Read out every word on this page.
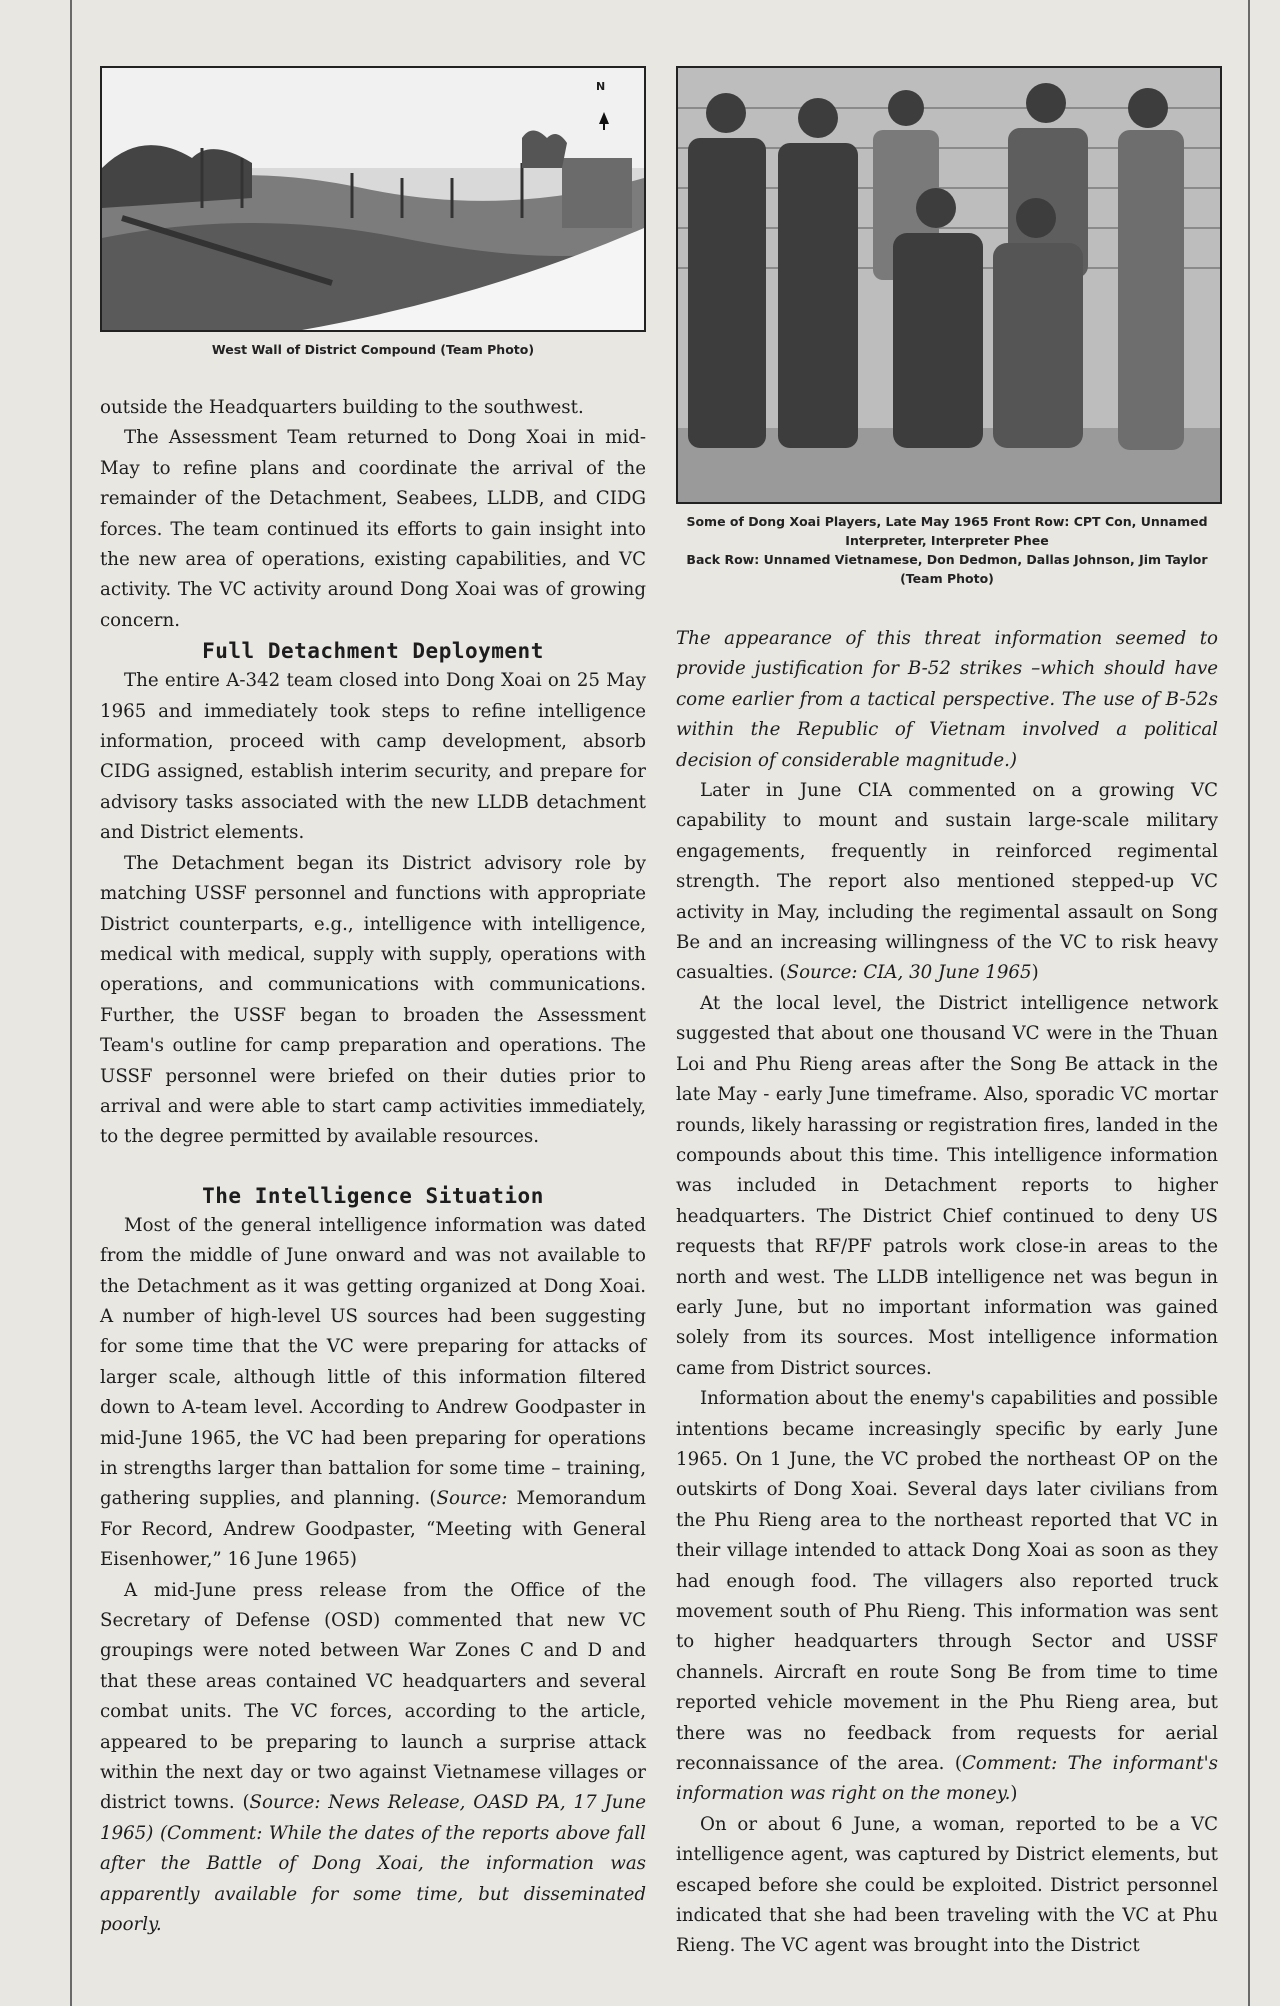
N
West Wall of District Compound (Team Photo)

outside the Headquarters building to the southwest.

The Assessment Team returned to Dong Xoai in mid-May to refine plans and coordinate the arrival of the remainder of the Detachment, Seabees, LLDB, and CIDG forces. The team continued its efforts to gain insight into the new area of operations, existing capabilities, and VC activity. The VC activity around Dong Xoai was of growing concern.

Full Detachment Deployment

The entire A-342 team closed into Dong Xoai on 25 May 1965 and immediately took steps to refine intelligence information, proceed with camp development, absorb CIDG assigned, establish interim security, and prepare for advisory tasks associated with the new LLDB detachment and District elements.

The Detachment began its District advisory role by matching USSF personnel and functions with appropriate District counterparts, e.g., intelligence with intelligence, medical with medical, supply with supply, operations with operations, and communications with communications. Further, the USSF began to broaden the Assessment Team's outline for camp preparation and operations. The USSF personnel were briefed on their duties prior to arrival and were able to start camp activities immediately, to the degree permitted by available resources.

The Intelligence Situation

Most of the general intelligence information was dated from the middle of June onward and was not available to the Detachment as it was getting organized at Dong Xoai. A number of high-level US sources had been suggesting for some time that the VC were preparing for attacks of larger scale, although little of this information filtered down to A-team level. According to Andrew Goodpaster in mid-June 1965, the VC had been preparing for operations in strengths larger than battalion for some time – training, gathering supplies, and planning. (Source: Memorandum For Record, Andrew Goodpaster, “Meeting with General Eisenhower,” 16 June 1965)

A mid-June press release from the Office of the Secretary of Defense (OSD) commented that new VC groupings were noted between War Zones C and D and that these areas contained VC headquarters and several combat units. The VC forces, according to the article, appeared to be preparing to launch a surprise attack within the next day or two against Vietnamese villages or district towns. (Source: News Release, OASD PA, 17 June 1965) (Comment: While the dates of the reports above fall after the Battle of Dong Xoai, the information was apparently available for some time, but disseminated poorly.

Some of Dong Xoai Players, Late May 1965 Front Row: CPT Con, Unnamed Interpreter, Interpreter Phee
Back Row: Unnamed Vietnamese, Don Dedmon, Dallas Johnson, Jim Taylor (Team Photo)

The appearance of this threat information seemed to provide justification for B-52 strikes –which should have come earlier from a tactical perspective. The use of B-52s within the Republic of Vietnam involved a political decision of considerable magnitude.)

Later in June CIA commented on a growing VC capability to mount and sustain large-scale military engagements, frequently in reinforced regimental strength. The report also mentioned stepped-up VC activity in May, including the regimental assault on Song Be and an increasing willingness of the VC to risk heavy casualties. (Source: CIA, 30 June 1965)

At the local level, the District intelligence network suggested that about one thousand VC were in the Thuan Loi and Phu Rieng areas after the Song Be attack in the late May - early June timeframe. Also, sporadic VC mortar rounds, likely harassing or registration fires, landed in the compounds about this time. This intelligence information was included in Detachment reports to higher headquarters. The District Chief continued to deny US requests that RF/PF patrols work close-in areas to the north and west. The LLDB intelligence net was begun in early June, but no important information was gained solely from its sources. Most intelligence information came from District sources.

Information about the enemy's capabilities and possible intentions became increasingly specific by early June 1965. On 1 June, the VC probed the northeast OP on the outskirts of Dong Xoai. Several days later civilians from the Phu Rieng area to the northeast reported that VC in their village intended to attack Dong Xoai as soon as they had enough food. The villagers also reported truck movement south of Phu Rieng. This information was sent to higher headquarters through Sector and USSF channels. Aircraft en route Song Be from time to time reported vehicle movement in the Phu Rieng area, but there was no feedback from requests for aerial reconnaissance of the area. (Comment: The informant's information was right on the money.)

On or about 6 June, a woman, reported to be a VC intelligence agent, was captured by District elements, but escaped before she could be exploited. District personnel indicated that she had been traveling with the VC at Phu Rieng. The VC agent was brought into the District
